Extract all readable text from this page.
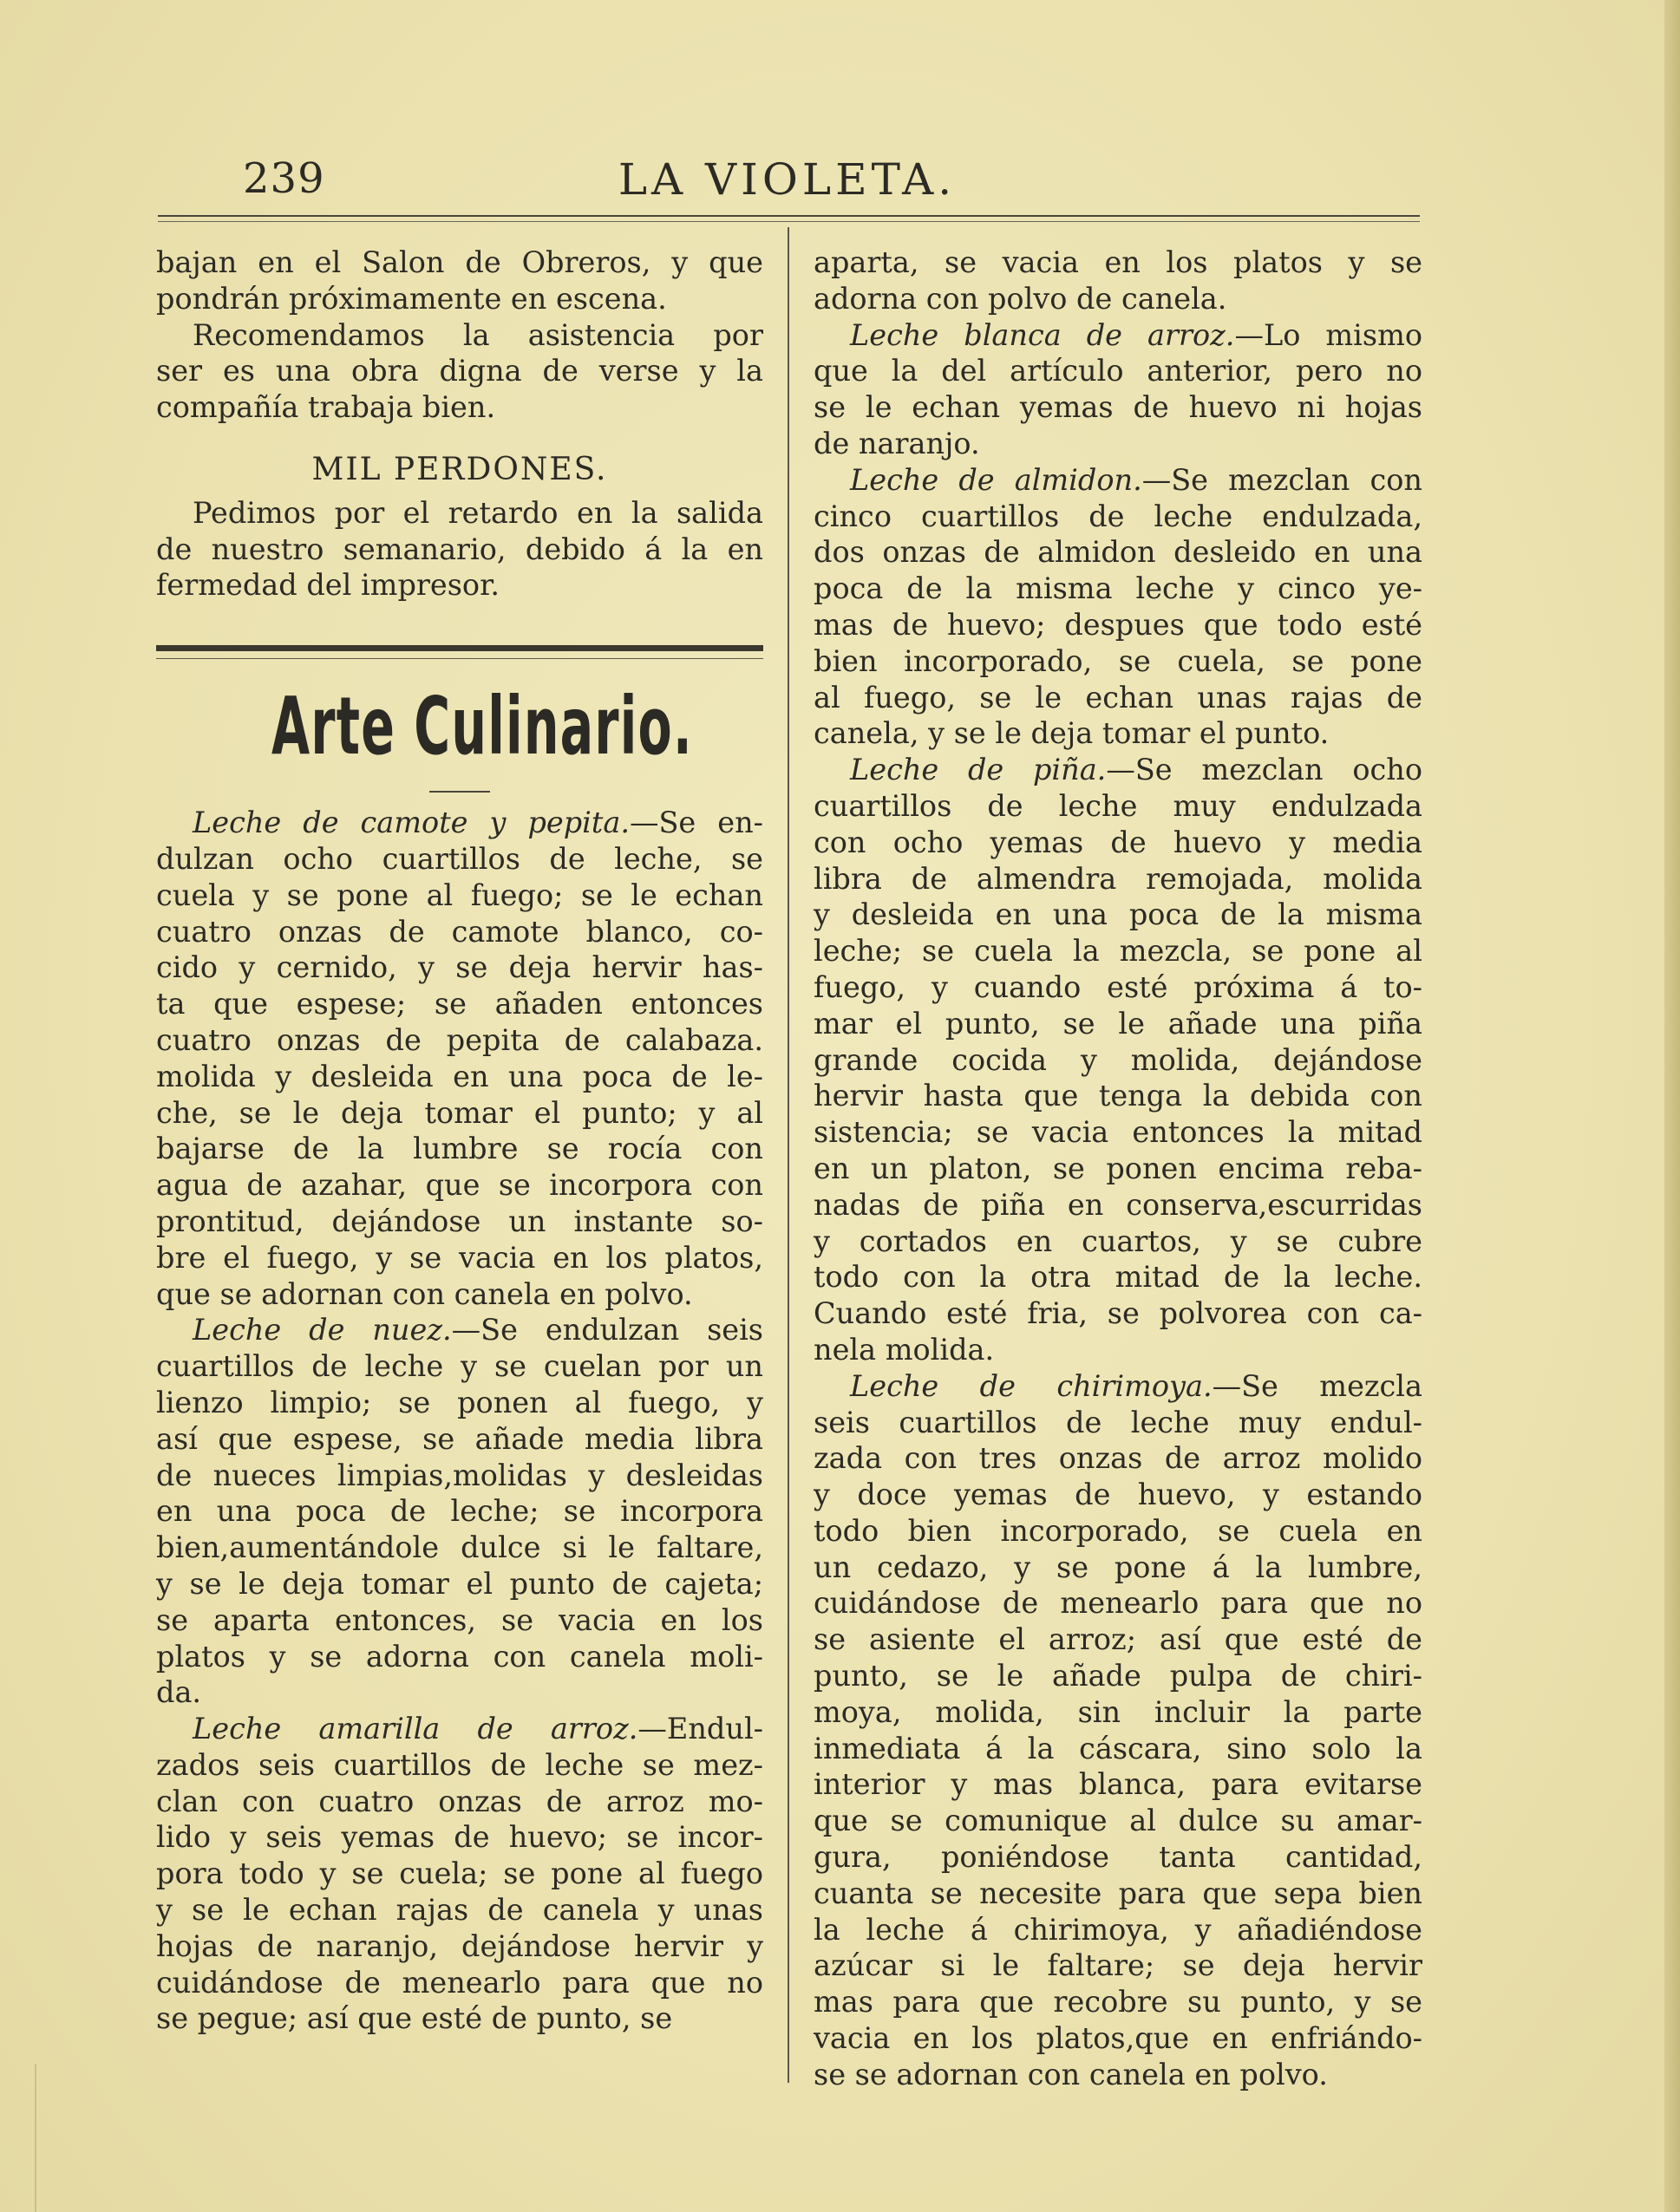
239	LA VIOLETA.
bajan en el Salon de Obreros, y que
pondrán próximamente en escena.
Recomendamos la asistencia por
ser es una obra digna de verse y la
compañía trabaja bien.
MIL PERDONES.
Pedimos por el retardo en la salida
de nuestro semanario, debido á la en
fermedad del impresor.
Arte Culinario.
Leche de camote y pepita.—Se en-
dulzan ocho cuartillos de leche, se
cuela y se pone al fuego; se le echan
cuatro onzas de camote blanco, co-
cido y cernido, y se deja hervir has-
ta que espese; se añaden entonces
cuatro onzas de pepita de calabaza.
molida y desleida en una poca de le-
che, se le deja tomar el punto; y al
bajarse de la lumbre se rocía con
agua de azahar, que se incorpora con
prontitud, dejándose un instante so-
bre el fuego, y se vacia en los platos,
que se adornan con canela en polvo.
Leche de nuez.—Se endulzan seis
cuartillos de leche y se cuelan por un
lienzo limpio; se ponen al fuego, y
así que espese, se añade media libra
de nueces limpias,molidas y desleidas
en una poca de leche; se incorpora
bien,aumentándole dulce si le faltare,
y se le deja tomar el punto de cajeta;
se aparta entonces, se vacia en los
platos y se adorna con canela moli-
da.
Leche amarilla de arroz.—Endul-
zados seis cuartillos de leche se mez-
clan con cuatro onzas de arroz mo-
lido y seis yemas de huevo; se incor-
pora todo y se cuela; se pone al fuego
y se le echan rajas de canela y unas
hojas de naranjo, dejándose hervir y
cuidándose de menearlo para que no
se pegue; así que esté de punto, se
aparta, se vacia en los platos y se
adorna con polvo de canela.
Leche blanca de arroz.—Lo mismo
que la del artículo anterior, pero no
se le echan yemas de huevo ni hojas
de naranjo.
Leche de almidon.—Se mezclan con
cinco cuartillos de leche endulzada,
dos onzas de almidon desleido en una
poca de la misma leche y cinco ye-
mas de huevo; despues que todo esté
bien incorporado, se cuela, se pone
al fuego, se le echan unas rajas de
canela, y se le deja tomar el punto.
Leche de piña.—Se mezclan ocho
cuartillos de leche muy endulzada
con ocho yemas de huevo y media
libra de almendra remojada, molida
y desleida en una poca de la misma
leche; se cuela la mezcla, se pone al
fuego, y cuando esté próxima á to-
mar el punto, se le añade una piña
grande cocida y molida, dejándose
hervir hasta que tenga la debida con
sistencia; se vacia entonces la mitad
en un platon, se ponen encima reba-
nadas de piña en conserva,escurridas
y cortados en cuartos, y se cubre
todo con la otra mitad de la leche.
Cuando esté fria, se polvorea con ca-
nela molida.
Leche de chirimoya.—Se mezcla
seis cuartillos de leche muy endul-
zada con tres onzas de arroz molido
y doce yemas de huevo, y estando
todo bien incorporado, se cuela en
un cedazo, y se pone á la lumbre,
cuidándose de menearlo para que no
se asiente el arroz; así que esté de
punto, se le añade pulpa de chiri-
moya, molida, sin incluir la parte
inmediata á la cáscara, sino solo la
interior y mas blanca, para evitarse
que se comunique al dulce su amar-
gura, poniéndose tanta cantidad,
cuanta se necesite para que sepa bien
la leche á chirimoya, y añadiéndose
azúcar si le faltare; se deja hervir
mas para que recobre su punto, y se
vacia en los platos,que en enfriándo-
se se adornan con canela en polvo.
